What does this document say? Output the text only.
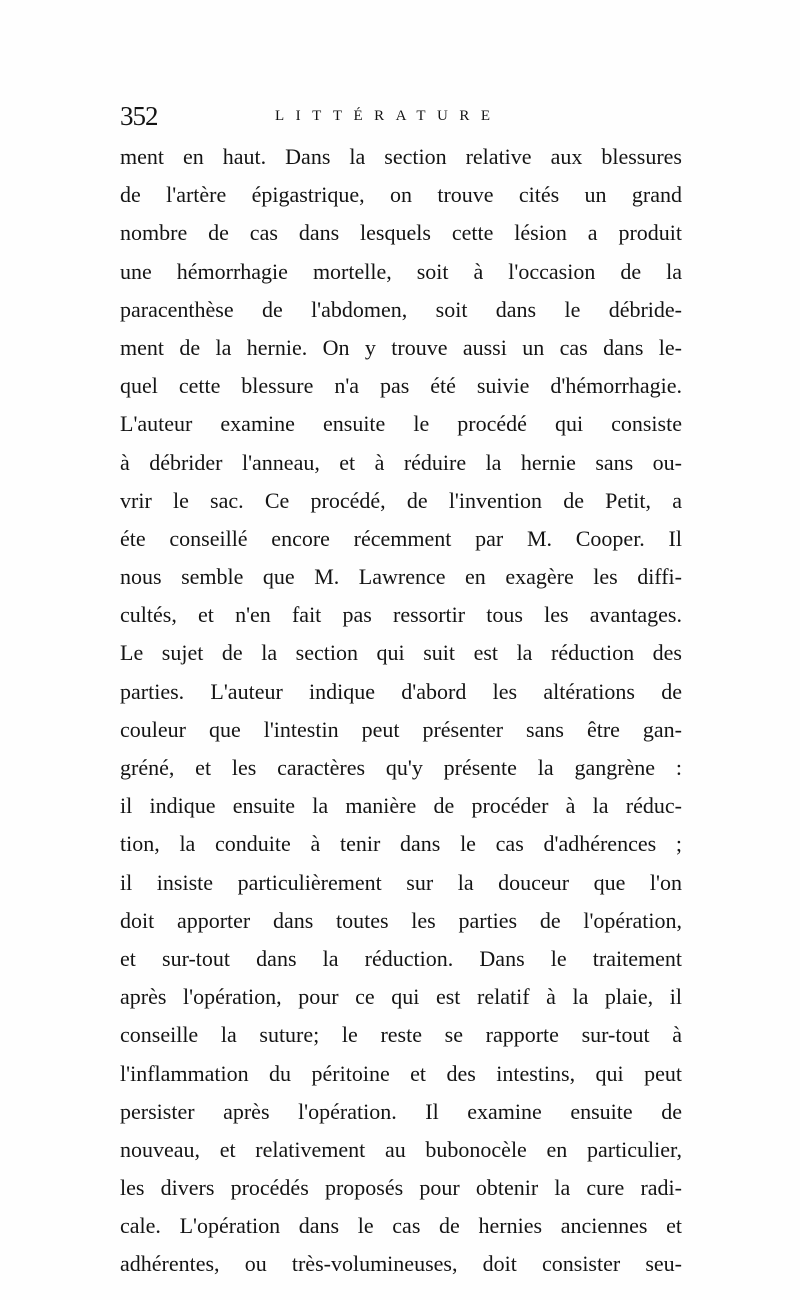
352	LITTÉRATURE
ment en haut. Dans la section relative aux blessures
de l'artère épigastrique, on trouve cités un grand
nombre de cas dans lesquels cette lésion a produit
une hémorrhagie mortelle, soit à l'occasion de la
paracenthèse de l'abdomen, soit dans le débride-
ment de la hernie. On y trouve aussi un cas dans le-
quel cette blessure n'a pas été suivie d'hémorrhagie.
L'auteur examine ensuite le procédé qui consiste
à débrider l'anneau, et à réduire la hernie sans ou-
vrir le sac. Ce procédé, de l'invention de Petit, a
éte conseillé encore récemment par M. Cooper. Il
nous semble que M. Lawrence en exagère les diffi-
cultés, et n'en fait pas ressortir tous les avantages.
Le sujet de la section qui suit est la réduction des
parties. L'auteur indique d'abord les altérations de
couleur que l'intestin peut présenter sans être gan-
gréné, et les caractères qu'y présente la gangrène :
il indique ensuite la manière de procéder à la réduc-
tion, la conduite à tenir dans le cas d'adhérences ;
il insiste particulièrement sur la douceur que l'on
doit apporter dans toutes les parties de l'opération,
et sur-tout dans la réduction. Dans le traitement
après l'opération, pour ce qui est relatif à la plaie, il
conseille la suture; le reste se rapporte sur-tout à
l'inflammation du péritoine et des intestins, qui peut
persister après l'opération. Il examine ensuite de
nouveau, et relativement au bubonocèle en particulier,
les divers procédés proposés pour obtenir la cure radi-
cale. L'opération dans le cas de hernies anciennes et
adhérentes, ou très-volumineuses, doit consister seu-
